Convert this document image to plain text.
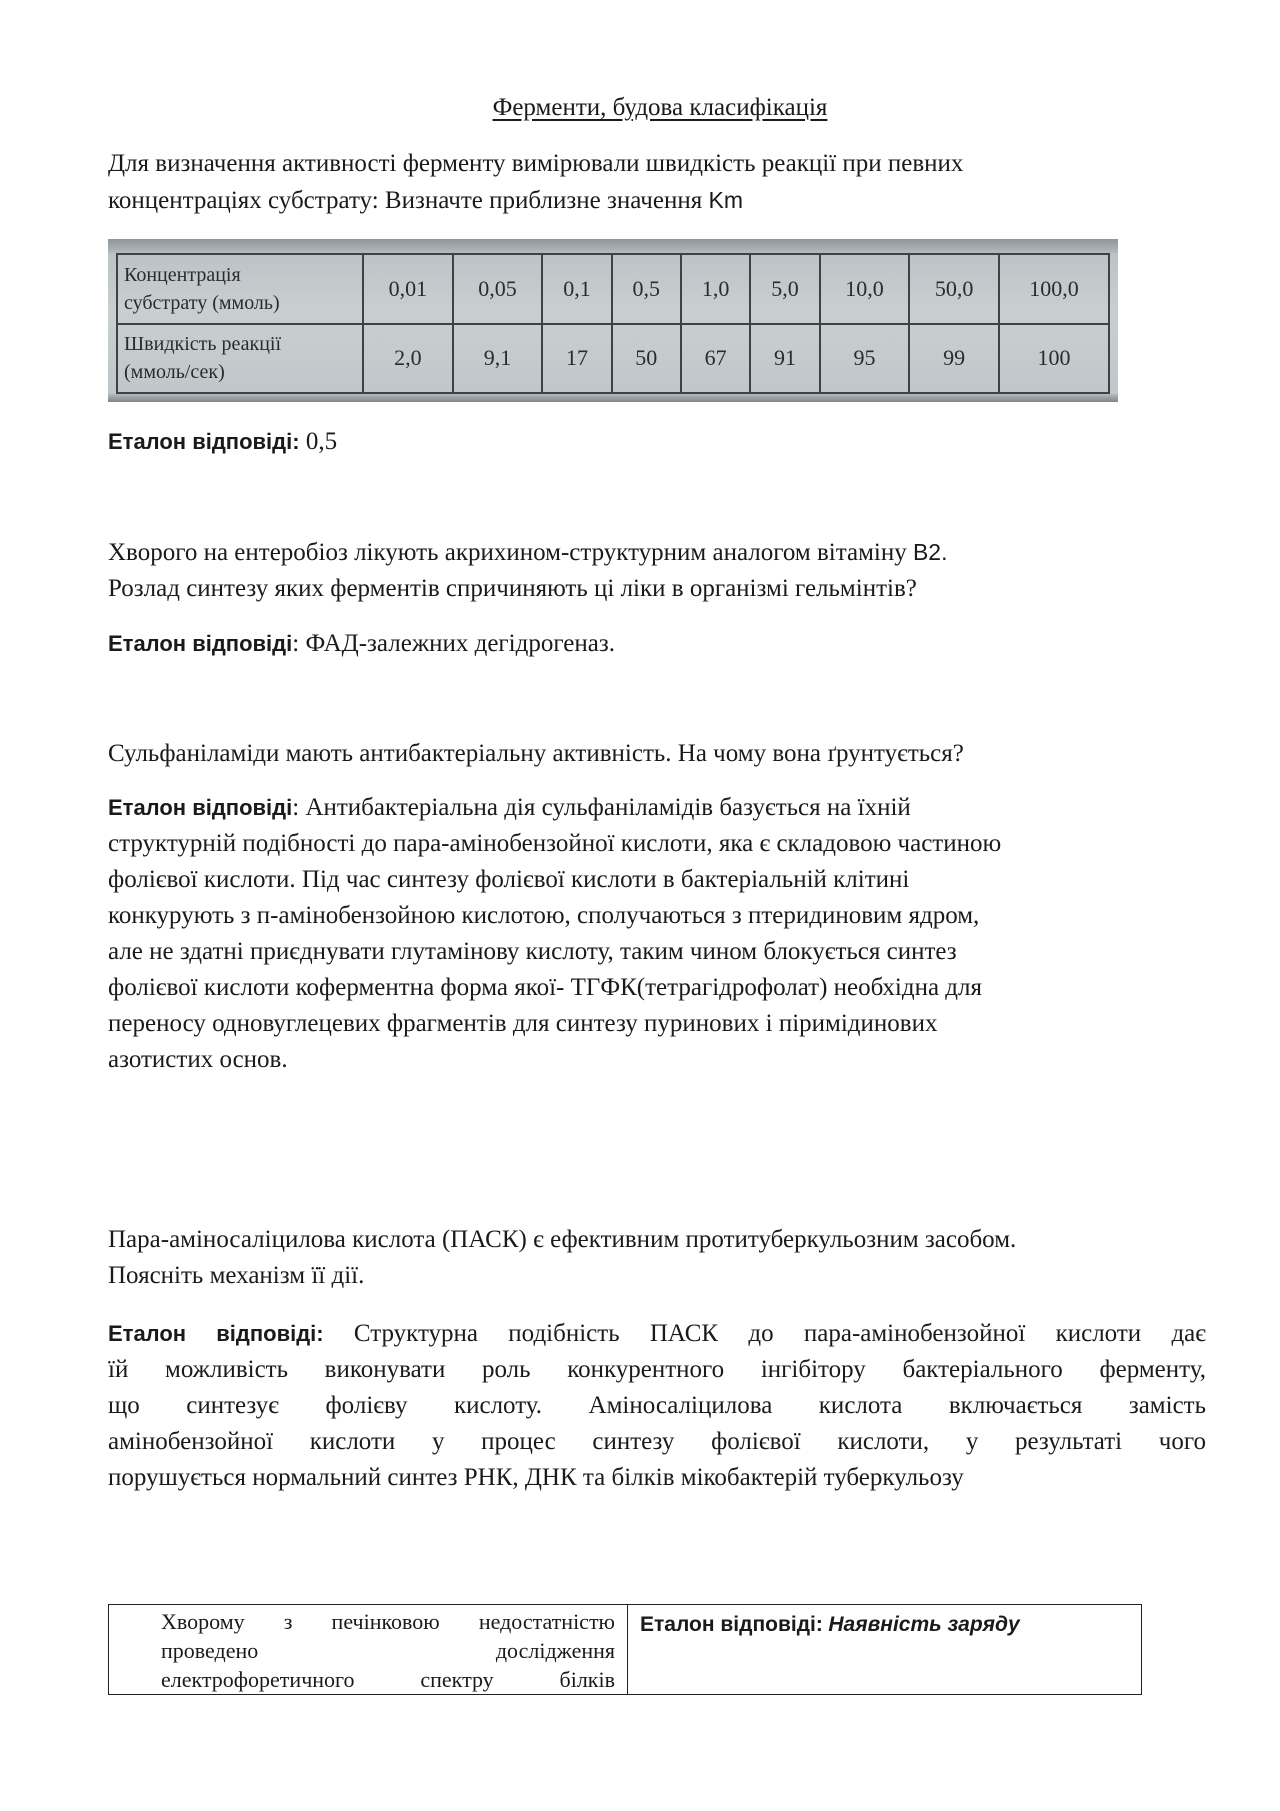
Ферменти, будова класифікація

Для визначення активності ферменту вимірювали швидкість реакції при певних
концентраціях субстрату: Визначте приблизне значення Km

Концентрація
субстрату (ммоль)	0,01	0,05	0,1	0,5	1,0	5,0	10,0	50,0	100,0
Швидкість реакції
(ммоль/сек)	2,0	9,1	17	50	67	91	95	99	100

Еталон відповіді: 0,5

Хворого на ентеробіоз лікують акрихином-структурним аналогом вітаміну В2.
Розлад синтезу яких ферментів спричиняють ці ліки в організмі гельмінтів?

Еталон відповіді: ФАД-залежних дегідрогеназ.

Сульфаніламіди мають антибактеріальну активність. На чому вона ґрунтується?

Еталон відповіді: Антибактеріальна дія сульфаніламідів базується на їхній
структурній подібності до пара-амінобензойної кислоти, яка є складовою частиною
фолієвої кислоти. Під час синтезу фолієвої кислоти в бактеріальній клітині
конкурують з п-амінобензойною кислотою, сполучаються з птеридиновим ядром,
але не здатні приєднувати глутамінову кислоту, таким чином блокується синтез
фолієвої кислоти коферментна форма якої- ТГФК(тетрагідрофолат) необхідна для
переносу одновуглецевих фрагментів для синтезу пуринових і піримідинових
азотистих основ.

Пара-аміносаліцилова кислота (ПАСК) є ефективним протитуберкульозним засобом.
Поясніть механізм її дії.

Еталон відповіді: Структурна подібність ПАСК до пара-амінобензойної кислоти дає
їй можливість виконувати роль конкурентного інгібітору бактеріального ферменту,
що синтезує фолієву кислоту. Аміносаліцилова кислота включається замість
амінобензойної кислоти у процес синтезу фолієвої кислоти, у результаті чого
порушується нормальний синтез РНК, ДНК та білків мікобактерій туберкульозу
Хворому з печінковою недостатністю
проведено дослідження
електрофоретичного спектру білків
	Еталон відповіді: Наявність заряду
